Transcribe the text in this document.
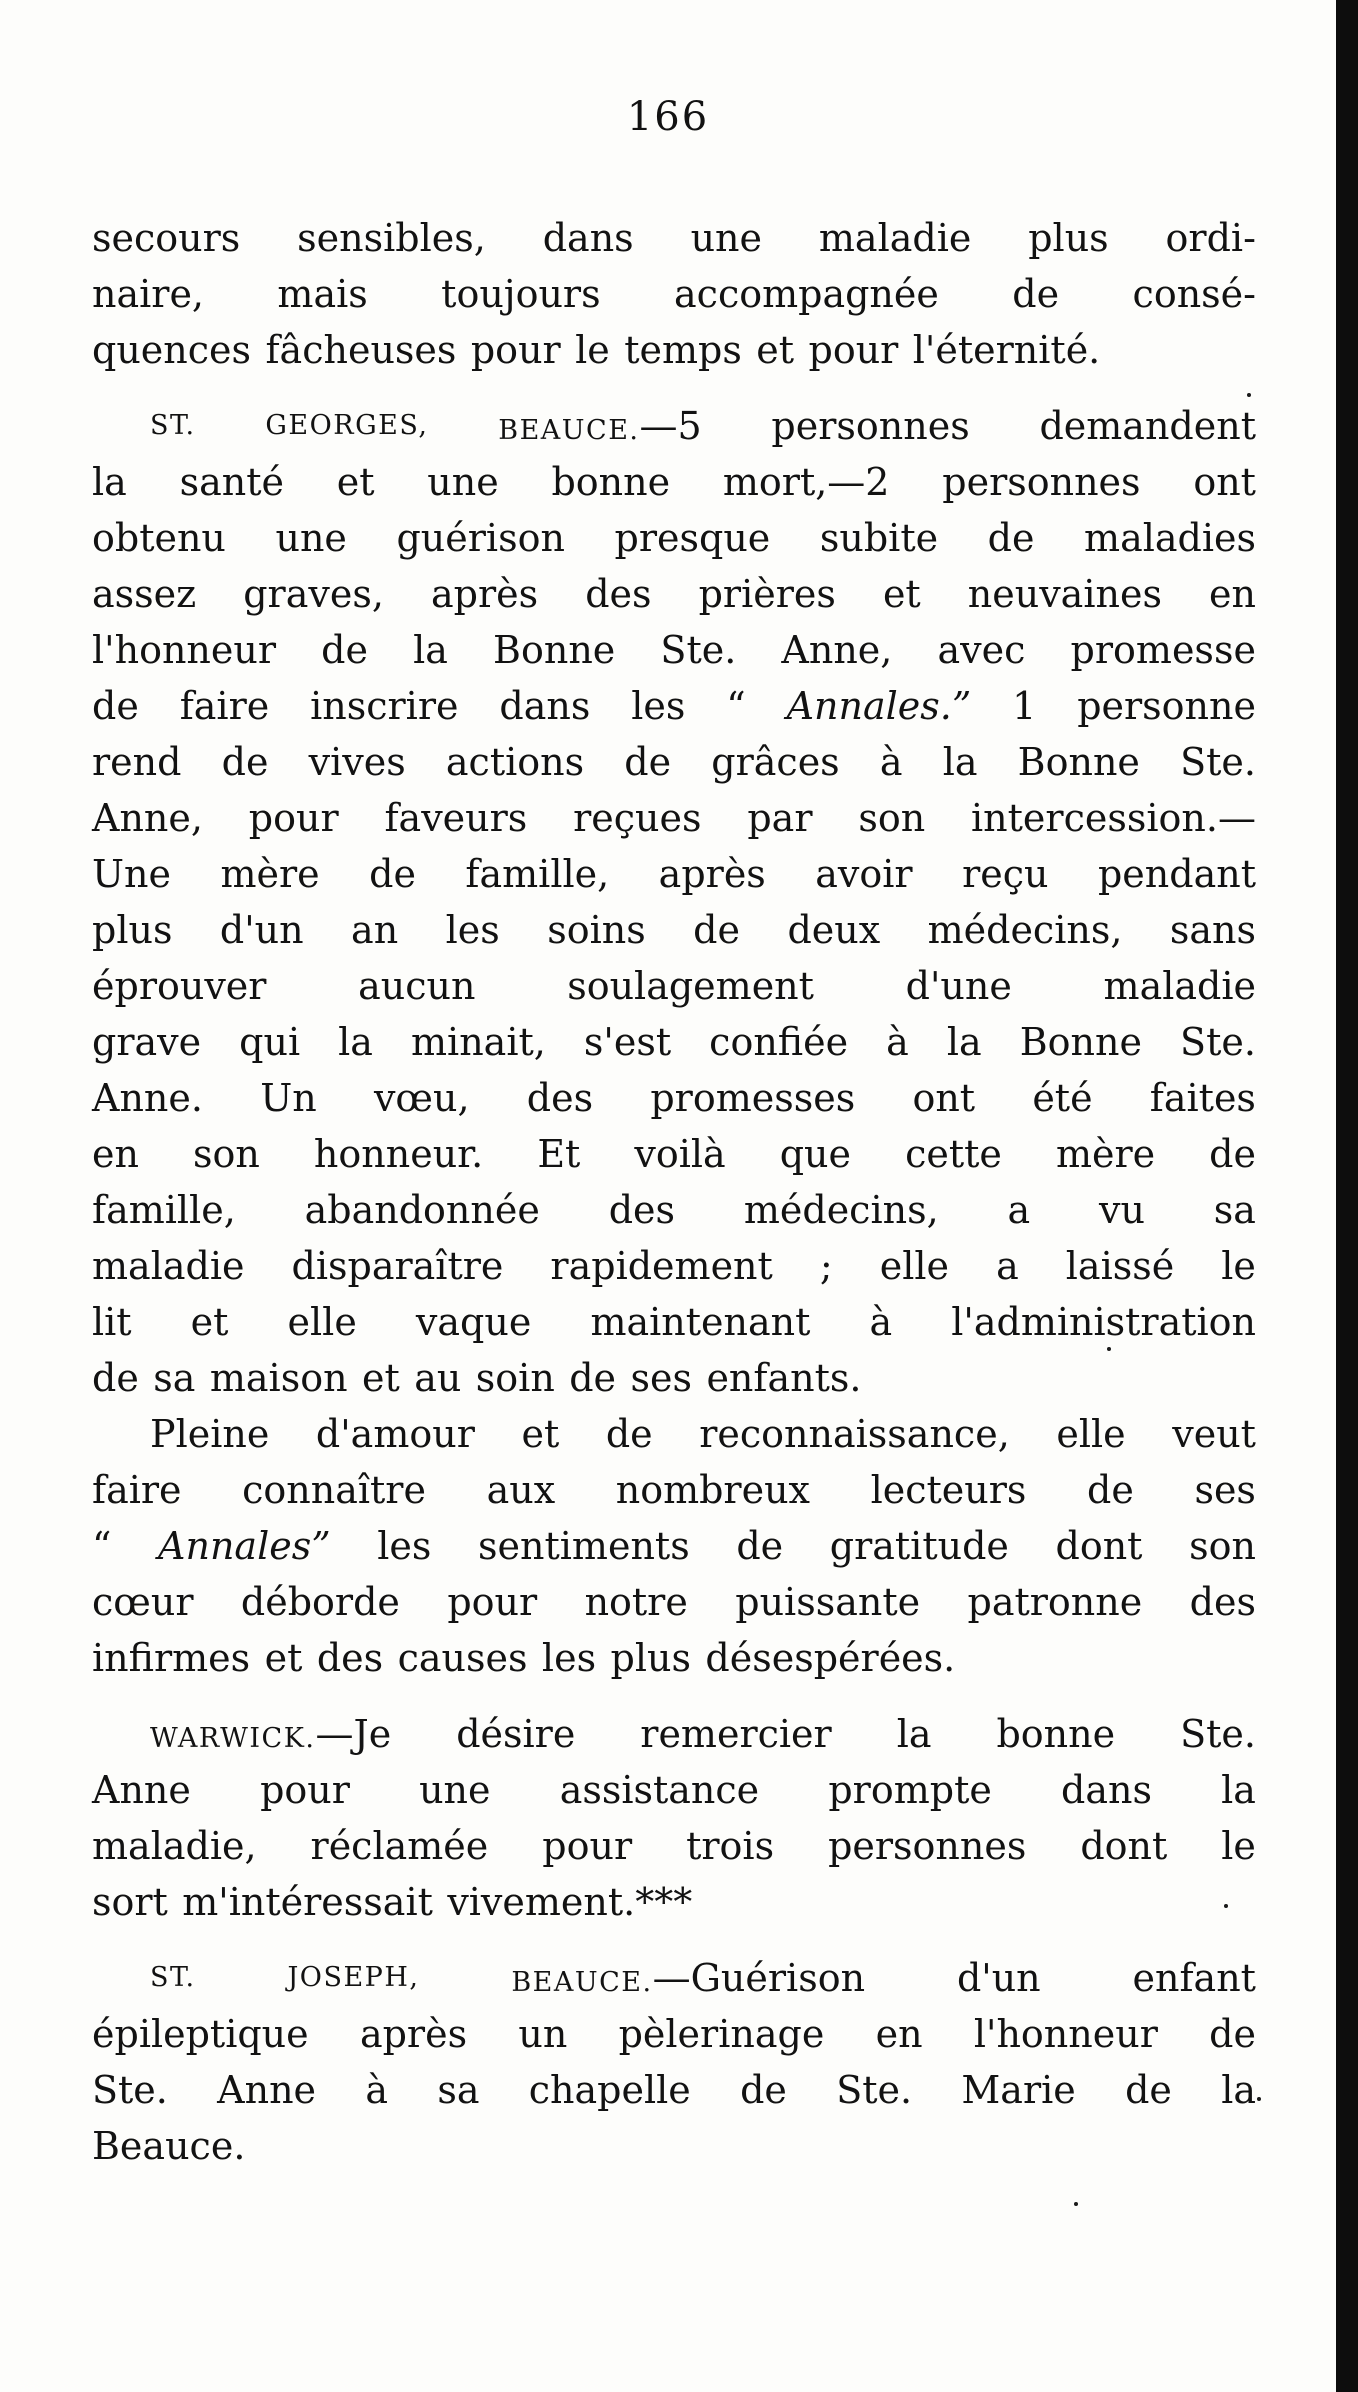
166
secours sensibles, dans une maladie plus ordi-
naire, mais toujours accompagnée de consé-
quences fâcheuses pour le temps et pour l'éternité.
ST.	GEORGES,	BEAUCE.—5 personnes demandent
la santé et une bonne mort,—2 personnes ont
obtenu une guérison presque subite de maladies
assez graves, après des prières et neuvaines en
l'honneur de la Bonne Ste. Anne, avec promesse
de faire inscrire dans les “ Annales.” 1 personne
rend de vives actions de grâces à la Bonne Ste.
Anne, pour faveurs reçues par son intercession.—
Une mère de famille, après avoir reçu pendant
plus d'un an les soins de deux médecins, sans
éprouver aucun soulagement d'une maladie
grave qui la minait, s'est confiée à la Bonne Ste.
Anne. Un vœu, des promesses ont été faites
en son honneur. Et voilà que cette mère de
famille, abandonnée des médecins, a vu sa
maladie disparaître rapidement ; elle a laissé le
lit et elle vaque maintenant à l'administration
de sa maison et au soin de ses enfants.
Pleine d'amour et de reconnaissance, elle veut
faire connaître aux nombreux lecteurs de ses
“ Annales” les sentiments de gratitude dont son
cœur déborde pour notre puissante patronne des
infirmes et des causes les plus désespérées.
WARWICK.—Je désire remercier la bonne Ste.
Anne pour une assistance prompte dans la
maladie, réclamée pour trois personnes dont le
sort m'intéressait vivement.***
ST.	JOSEPH,	BEAUCE.—Guérison d'un enfant
épileptique après un pèlerinage en l'honneur de
Ste. Anne à sa chapelle de Ste. Marie de la
Beauce.
